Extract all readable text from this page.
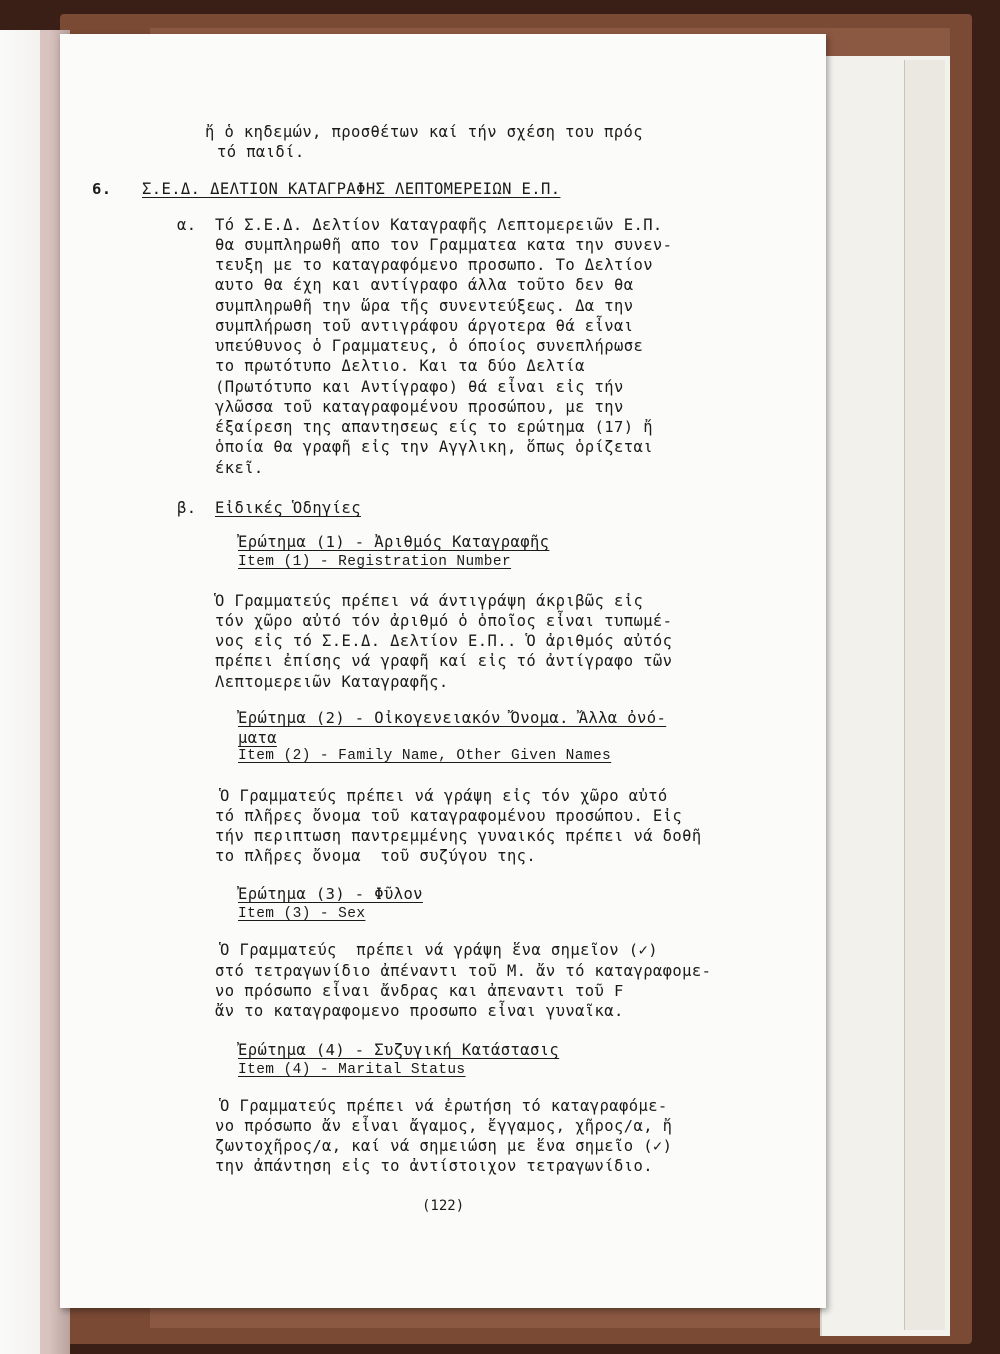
ἤ ὁ κηδεμών, προσθέτων καί τήν σχέση του πρός
τό παιδί.
6. Σ.Ε.Δ. ΔΕΛΤΙΟΝ ΚΑΤΑΓΡΑΦΗΣ ΛΕΠΤΟΜΕΡΕΙΩΝ Ε.Π.
α. Τό Σ.Ε.Δ. Δελτίον Καταγραφῆς Λεπτομερειῶν Ε.Π.
θα συμπληρωθῆ απο τον Γραμματεα κατα την συνεν-
τευξη με το καταγραφόμενο προσωπο. Το Δελτίον
αυτο θα έχη και αντίγραφο άλλα τοῦτο δεν θα
συμπληρωθῆ την ὥρα τῆς συνεντεύξεως. Δα την
συμπλήρωση τοῦ αντιγράφου άργοτερα θά εἶναι
υπεύθυνος ὁ Γραμματευς, ὁ όποίος συνεπλήρωσε
το πρωτότυπο Δελτιο. Και τα δύο Δελτία
(Πρωτότυπο και Αντίγραφο) θά εἶναι εἰς τήν
γλῶσσα τοῦ καταγραφομένου προσώπου, με την
έξαίρεση της απαντησεως είς το ερώτημα (17) ἤ
ὁποία θα γραφῆ εἰς την Αγγλικη, ὅπως ὁρίζεται
έκεῖ.
β. Εἰδικές Ὁδηγίες
Ἐρώτημα (1) - Ἀριθμός Καταγραφῆς
Item (1) - Registration Number
Ὁ Γραμματεύς πρέπει νά άντιγράψη άκριβῶς εἰς
τόν χῶρο αὐτό τόν ἀριθμό ὁ ὁποῖος εἶναι τυπωμέ-
νος εἰς τό Σ.Ε.Δ. Δελτίον Ε.Π.. Ὁ ἀριθμός αὐτός
πρέπει ἐπίσης νά γραφῆ καί εἰς τό ἀντίγραφο τῶν
Λεπτομερειῶν Καταγραφῆς.
Ἐρώτημα (2) - Οἰκογενειακόν Ὄνομα. Ἄλλα ὀνό-
ματα
Item (2) - Family Name, Other Given Names
Ὁ Γραμματεύς πρέπει νά γράψη εἰς τόν χῶρο αὐτό
τό πλῆρες ὄνομα τοῦ καταγραφομένου προσώπου. Εἰς
τήν περιπτωση παντρεμμένης γυναικός πρέπει νά δοθῆ
το πλῆρες ὄνομα  τοῦ συζύγου της.
Ἐρώτημα (3) - Φῦλον
Item (3) - Sex
Ὁ Γραμματεύς  πρέπει νά γράψη ἕνα σημεῖον (✓)
στό τετραγωνίδιο ἀπέναντι τοῦ Μ. ἄν τό καταγραφομε-
νο πρόσωπο εἶναι ἄνδρας και ἀπεναντι τοῦ F
ἄν το καταγραφομενο προσωπο εἶναι γυναῖκα.
Ἐρώτημα (4) - Συζυγική Κατάστασις
Item (4) - Marital Status
Ὁ Γραμματεύς πρέπει νά ἐρωτήση τό καταγραφόμε-
νο πρόσωπο ἄν εἶναι ἄγαμος, ἔγγαμος, χῆρος/α, ἤ
ζωντοχῆρος/α, καί νά σημειώση με ἕνα σημεῖο (✓)
την ἀπάντηση εἰς το ἀντίστοιχον τετραγωνίδιο.
(122)
